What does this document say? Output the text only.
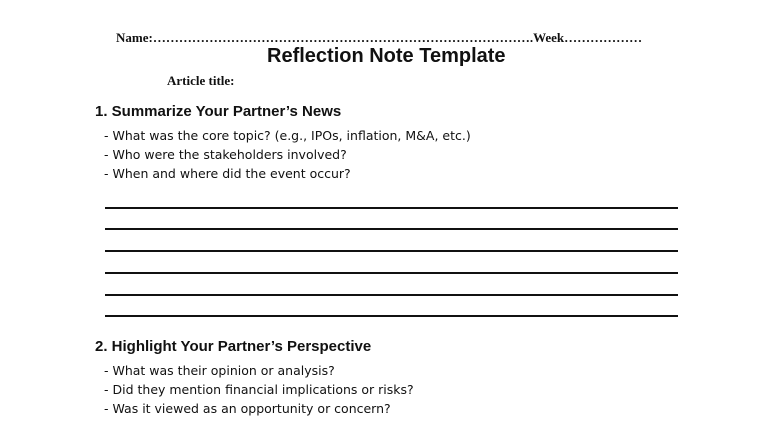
Name:…………………………………………………………………………….Week………………
Reflection Note Template
Article title:
1. Summarize Your Partner’s News
- What was the core topic? (e.g., IPOs, inflation, M&A, etc.)
- Who were the stakeholders involved?
- When and where did the event occur?
2. Highlight Your Partner’s Perspective
- What was their opinion or analysis?
- Did they mention financial implications or risks?
- Was it viewed as an opportunity or concern?
